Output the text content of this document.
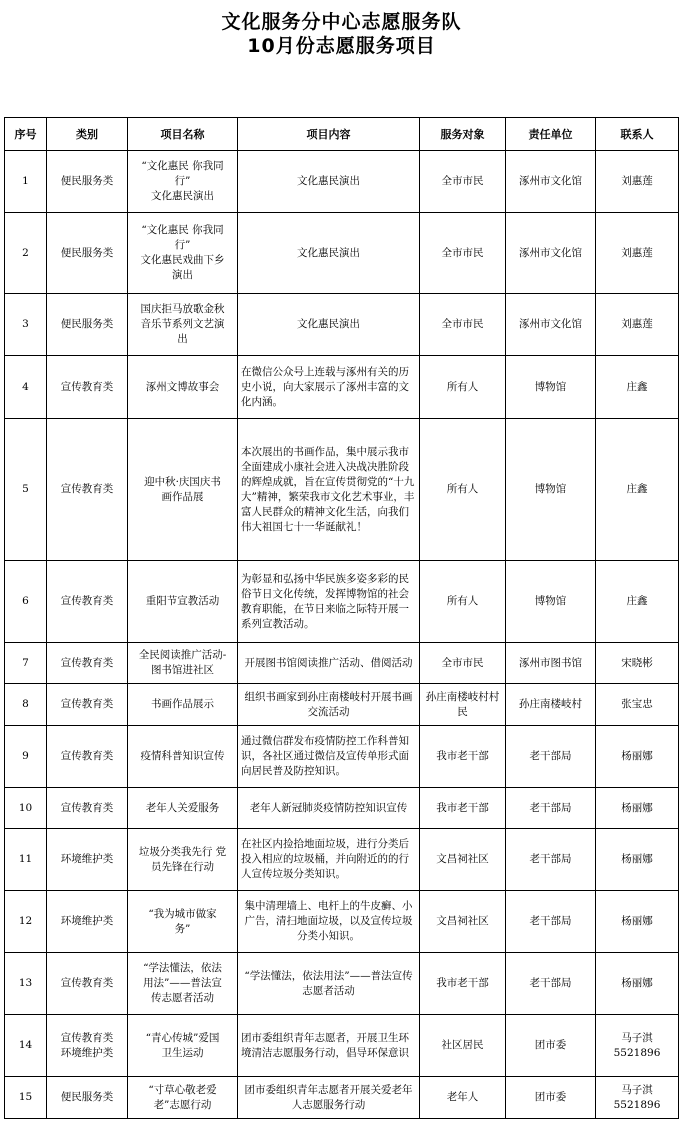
文化服务分中心志愿服务队
10月份志愿服务项目
序号	类别	项目名称	项目内容	服务对象	责任单位	联系人
1	便民服务类	“文化惠民 你我同
行”
文化惠民演出	文化惠民演出	全市市民	涿州市文化馆	刘惠莲

2	便民服务类	“文化惠民 你我同
行”
文化惠民戏曲下乡
演出	文化惠民演出	全市市民	涿州市文化馆	刘惠莲

3	便民服务类	国庆拒马放歌金秋
音乐节系列文艺演
出	文化惠民演出	全市市民	涿州市文化馆	刘惠莲

4	宣传教育类	涿州文博故事会	在微信公众号上连载与涿州有关的历史小说，向大家展示了涿州丰富的文化内涵。	所有人	博物馆	庄鑫

5	宣传教育类	迎中秋·庆国庆书
画作品展	本次展出的书画作品，集中展示我市全面建成小康社会进入决战决胜阶段的辉煌成就，旨在宣传贯彻党的“十九大”精神，繁荣我市文化艺术事业，丰富人民群众的精神文化生活，向我们伟大祖国七十一华诞献礼！	所有人	博物馆	庄鑫

6	宣传教育类	重阳节宣教活动	为彰显和弘扬中华民族多姿多彩的民俗节日文化传统，发挥博物馆的社会教育职能，在节日来临之际特开展一系列宣教活动。	所有人	博物馆	庄鑫

7	宣传教育类	全民阅读推广活动-
图书馆进社区	开展图书馆阅读推广活动、借阅活动	全市市民	涿州市图书馆	宋晓彬

8	宣传教育类	书画作品展示	组织书画家到孙庄南楼岐村开展书画交流活动	孙庄南楼岐村村民	孙庄南楼岐村	张宝忠

9	宣传教育类	疫情科普知识宣传	通过微信群发布疫情防控工作科普知识，各社区通过微信及宣传单形式面向居民普及防控知识。	我市老干部	老干部局	杨丽娜

10	宣传教育类	老年人关爱服务	老年人新冠肺炎疫情防控知识宣传	我市老干部	老干部局	杨丽娜

11	环境维护类	垃圾分类我先行 党
员先锋在行动	在社区内捡拾地面垃圾，进行分类后投入相应的垃圾桶，并向附近的的行人宣传垃圾分类知识。	文昌祠社区	老干部局	杨丽娜

12	环境维护类	“我为城市做家
务”	集中清理墙上、电杆上的牛皮癣、小广告，清扫地面垃圾，以及宣传垃圾分类小知识。	文昌祠社区	老干部局	杨丽娜

13	宣传教育类	“学法懂法，依法
用法”——普法宣
传志愿者活动	“学法懂法，依法用法”——普法宣传志愿者活动	我市老干部	老干部局	杨丽娜

14	宣传教育类
环境维护类	“青心传城”爱国
卫生运动	团市委组织青年志愿者，开展卫生环境清洁志愿服务行动，倡导环保意识	社区居民	团市委	马子淇
5521896

15	便民服务类	“寸草心敬老爱
老”志愿行动	团市委组织青年志愿者开展关爱老年人志愿服务行动	老年人	团市委	马子淇
5521896
